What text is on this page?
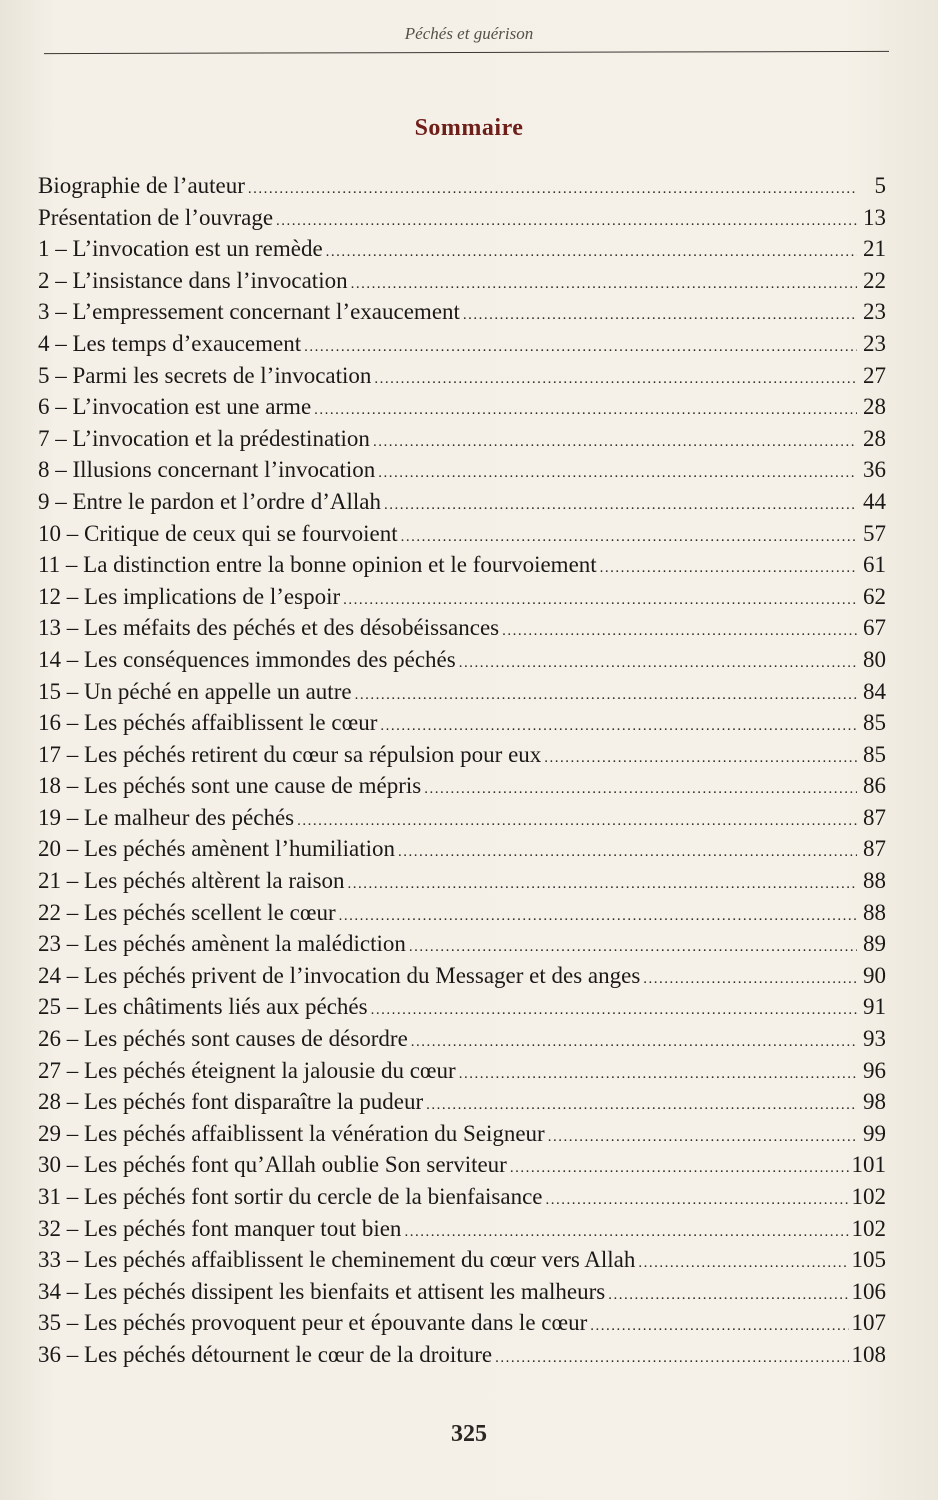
Péchés et guérison
Sommaire
Biographie de l’auteur .....	5
Présentation de l’ouvrage .....	13
1 – L’invocation est un remède .....	21
2 – L’insistance dans l’invocation .....	22
3 – L’empressement concernant l’exaucement .....	23
4 – Les temps d’exaucement .....	23
5 – Parmi les secrets de l’invocation .....	27
6 – L’invocation est une arme .....	28
7 – L’invocation et la prédestination .....	28
8 – Illusions concernant l’invocation .....	36
9 – Entre le pardon et l’ordre d’Allah .....	44
10 – Critique de ceux qui se fourvoient .....	57
11 – La distinction entre la bonne opinion et le fourvoiement .....	61
12 – Les implications de l’espoir .....	62
13 – Les méfaits des péchés et des désobéissances .....	67
14 – Les conséquences immondes des péchés .....	80
15 – Un péché en appelle un autre .....	84
16 – Les péchés affaiblissent le cœur .....	85
17 – Les péchés retirent du cœur sa répulsion pour eux .....	85
18 – Les péchés sont une cause de mépris .....	86
19 – Le malheur des péchés .....	87
20 – Les péchés amènent l’humiliation .....	87
21 – Les péchés altèrent la raison .....	88
22 – Les péchés scellent le cœur .....	88
23 – Les péchés amènent la malédiction .....	89
24 – Les péchés privent de l’invocation du Messager et des anges .....	90
25 – Les châtiments liés aux péchés .....	91
26 – Les péchés sont causes de désordre .....	93
27 – Les péchés éteignent la jalousie du cœur .....	96
28 – Les péchés font disparaître la pudeur .....	98
29 – Les péchés affaiblissent la vénération du Seigneur .....	99
30 – Les péchés font qu’Allah oublie Son serviteur .....	101
31 – Les péchés font sortir du cercle de la bienfaisance .....	102
32 – Les péchés font manquer tout bien .....	102
33 – Les péchés affaiblissent le cheminement du cœur vers Allah .....	105
34 – Les péchés dissipent les bienfaits et attisent les malheurs .....	106
35 – Les péchés provoquent peur et épouvante dans le cœur .....	107
36 – Les péchés détournent le cœur de la droiture .....	108
325
